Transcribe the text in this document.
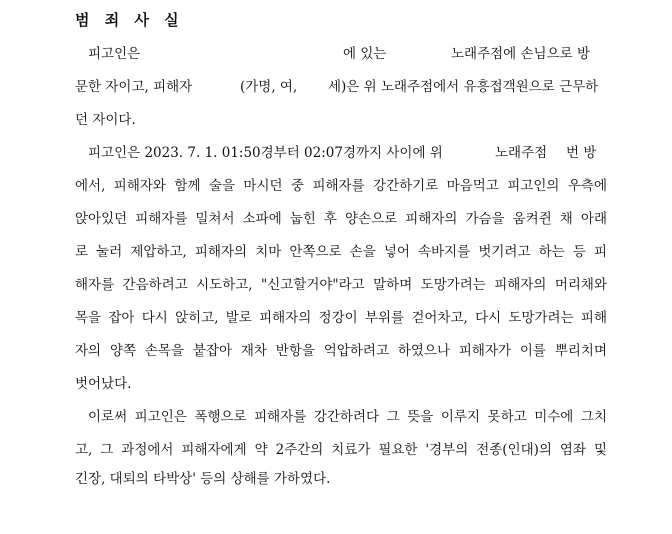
범 죄 사 실

피고인은

	에 있는

	노래주점에 손님으로 방

문한 자이고, 피해자

	(가명, 여,

세)은 위 노래주점에서 유흥접객원으로 근무하

던 자이다.

피고인은 2023. 7. 1. 01:50경부터 02:07경까지 사이에 위

	노래주점

번 방

에서, 피해자와 함께 술을 마시던 중 피해자를 강간하기로 마음먹고 피고인의 우측에

앉아있던 피해자를 밀쳐서 소파에 눕힌 후 양손으로 피해자의 가슴을 움켜쥔 채 아래

로 눌러 제압하고, 피해자의 치마 안쪽으로 손을 넣어 속바지를 벗기려고 하는 등 피

해자를 간음하려고 시도하고, "신고할거야"라고 말하며 도망가려는 피해자의 머리채와

목을 잡아 다시 앉히고, 발로 피해자의 정강이 부위를 걷어차고, 다시 도망가려는 피해

자의 양쪽 손목을 붙잡아 재차 반항을 억압하려고 하였으나 피해자가 이를 뿌리치며

벗어났다.

이로써 피고인은 폭행으로 피해자를 강간하려다 그 뜻을 이루지 못하고 미수에 그치

고, 그 과정에서 피해자에게 약 2주간의 치료가 필요한 '경부의 전종(인대)의 염좌 및

긴장, 대퇴의 타박상' 등의 상해를 가하였다.
